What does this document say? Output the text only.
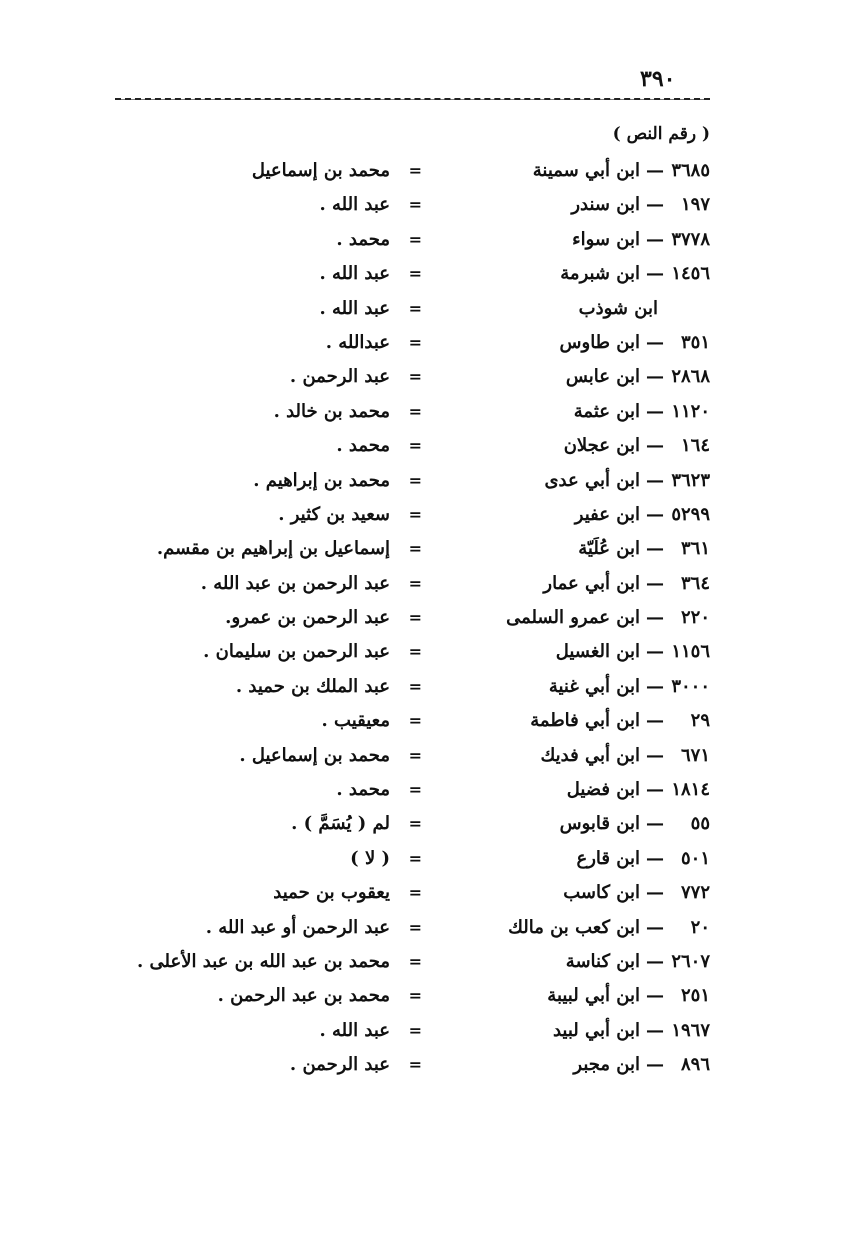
٣٩٠
( رقم النص )
٣٦٨٥—ابن أبي سمينة
=
محمد بن إسماعيل
١٩٧—ابن سندر
=
عبد الله .
٣٧٧٨—ابن سواء
=
محمد .
١٤٥٦—ابن شبرمة
=
عبد الله .
ابن شوذب
=
عبد الله .
٣٥١—ابن طاوس
=
عبدالله .
٢٨٦٨—ابن عابس
=
عبد الرحمن .
١١٢٠—ابن عثمة
=
محمد بن خالد .
١٦٤—ابن عجلان
=
محمد .
٣٦٢٣—ابن أبي عدى
=
محمد بن إبراهيم .
٥٢٩٩—ابن عفير
=
سعيد بن كثير .
٣٦١—ابن عُلَيّة
=
إسماعيل بن إبراهيم بن مقسم.
٣٦٤—ابن أبي عمار
=
عبد الرحمن بن عبد الله .
٢٢٠—ابن عمرو السلمى
=
عبد الرحمن بن عمرو.
١١٥٦—ابن الغسيل
=
عبد الرحمن بن سليمان .
٣٠٠٠—ابن أبي غنية
=
عبد الملك بن حميد .
٢٩—ابن أبي فاطمة
=
معيقيب .
٦٧١—ابن أبي فديك
=
محمد بن إسماعيل .
١٨١٤—ابن فضيل
=
محمد .
٥٥—ابن قابوس
=
لم ( يُسَمَّ ) .
٥٠١—ابن قارع
=
( ﻻ )
٧٧٢—ابن كاسب
=
يعقوب بن حميد
٢٠—ابن كعب بن مالك
=
عبد الرحمن أو عبد الله .
٢٦٠٧—ابن كناسة
=
محمد بن عبد الله بن عبد الأعلى .
٢٥١—ابن أبي لبيبة
=
محمد بن عبد الرحمن .
١٩٦٧—ابن أبي لبيد
=
عبد الله .
٨٩٦—ابن مجبر
=
عبد الرحمن .
